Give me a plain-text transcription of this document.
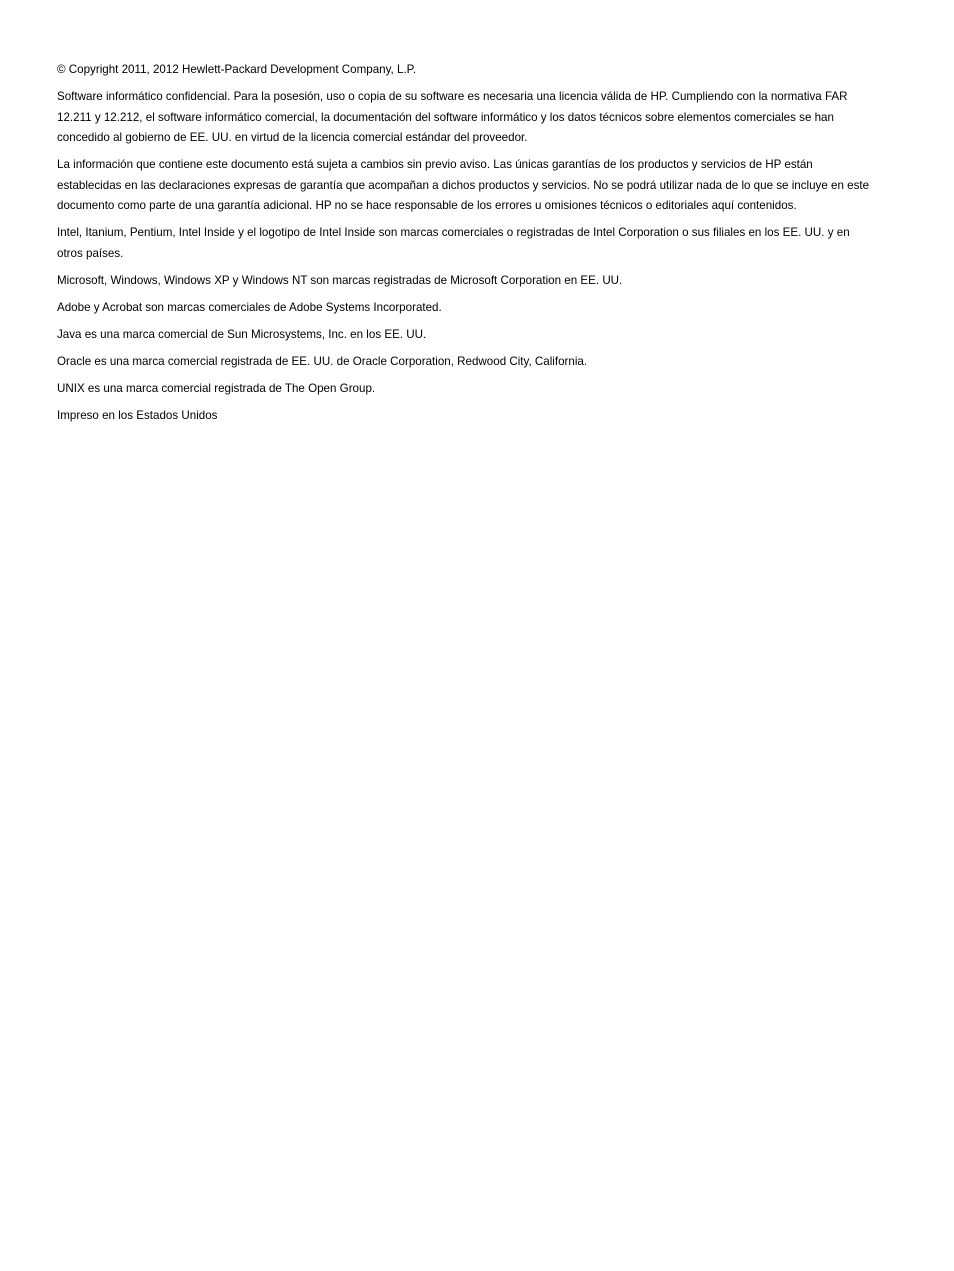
© Copyright 2011, 2012 Hewlett-Packard Development Company, L.P.

Software informático confidencial. Para la posesión, uso o copia de su software es necesaria una licencia válida de HP. Cumpliendo con la normativa FAR 12.211 y 12.212, el software informático comercial, la documentación del software informático y los datos técnicos sobre elementos comerciales se han concedido al gobierno de EE. UU. en virtud de la licencia comercial estándar del proveedor.

La información que contiene este documento está sujeta a cambios sin previo aviso. Las únicas garantías de los productos y servicios de HP están establecidas en las declaraciones expresas de garantía que acompañan a dichos productos y servicios. No se podrá utilizar nada de lo que se incluye en este documento como parte de una garantía adicional. HP no se hace responsable de los errores u omisiones técnicos o editoriales aquí contenidos.

Intel, Itanium, Pentium, Intel Inside y el logotipo de Intel Inside son marcas comerciales o registradas de Intel Corporation o sus filiales en los EE. UU. y en otros países.

Microsoft, Windows, Windows XP y Windows NT son marcas registradas de Microsoft Corporation en EE. UU.

Adobe y Acrobat son marcas comerciales de Adobe Systems Incorporated.

Java es una marca comercial de Sun Microsystems, Inc. en los EE. UU.

Oracle es una marca comercial registrada de EE. UU. de Oracle Corporation, Redwood City, California.

UNIX es una marca comercial registrada de The Open Group.

Impreso en los Estados Unidos
